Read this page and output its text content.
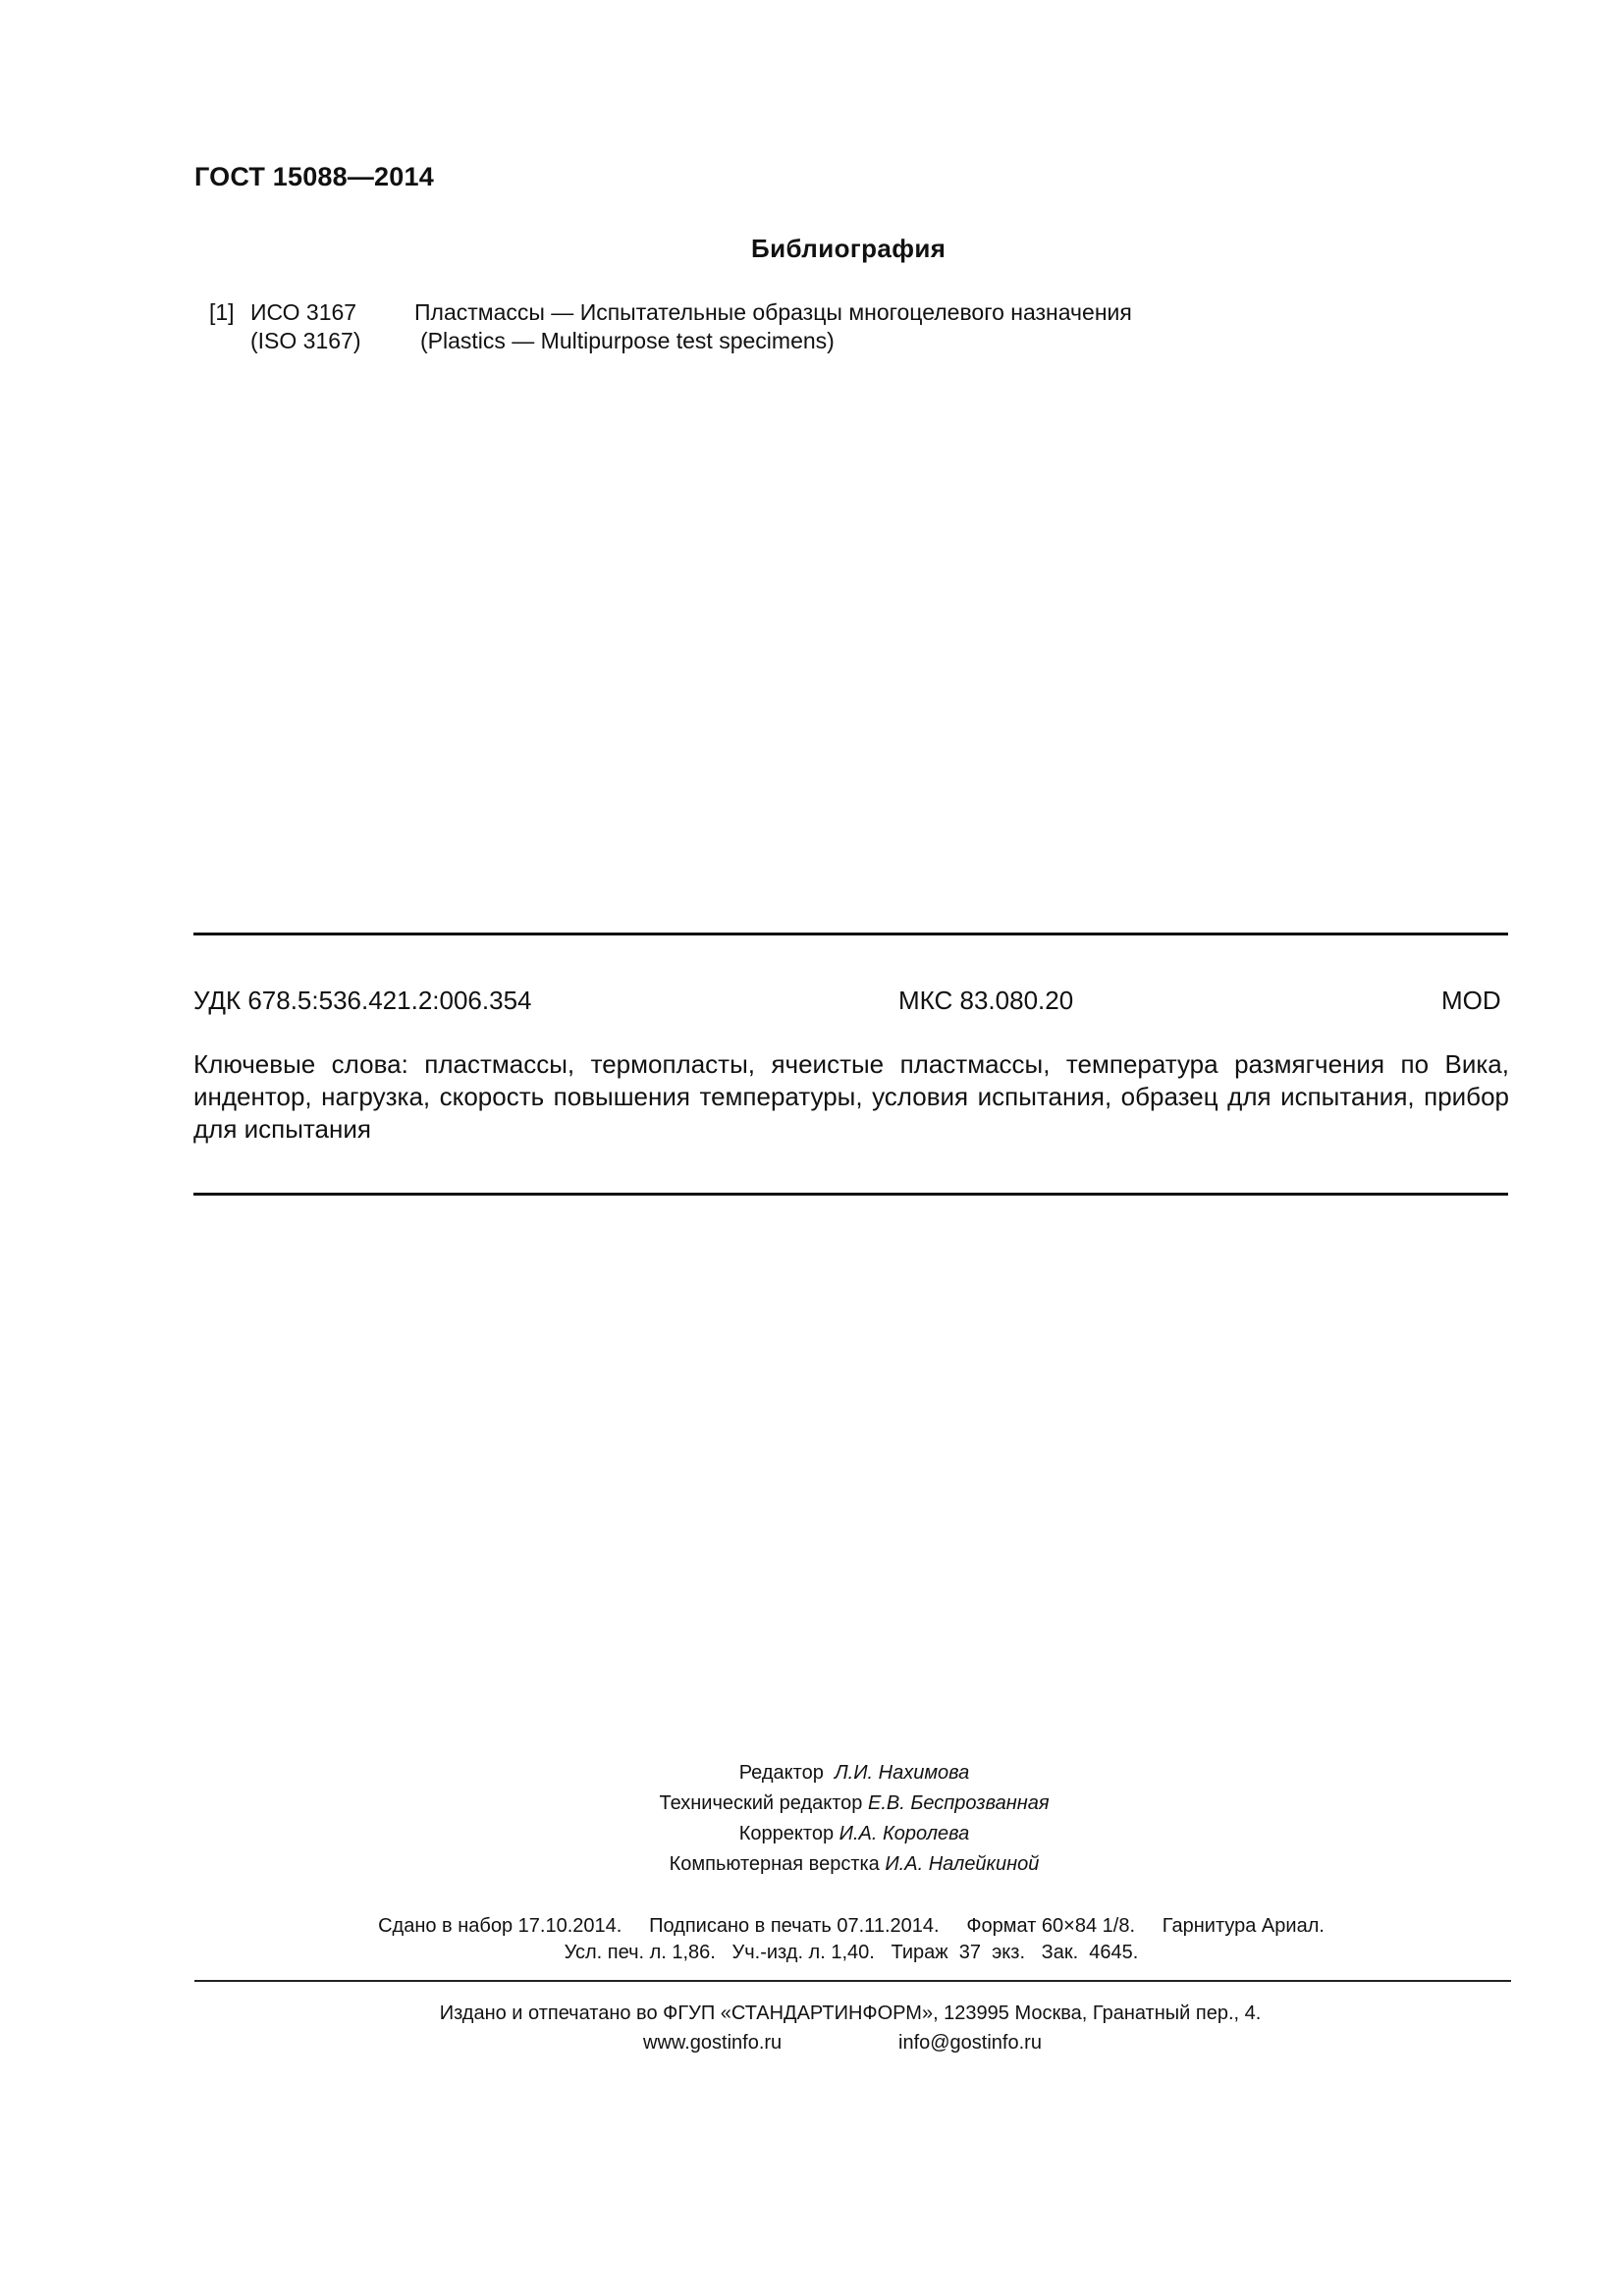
ГОСТ 15088—2014
Библиография
[1] ИСО 3167	Пластмассы — Испытательные образцы многоцелевого назначения
(ISO 3167)	(Plastics — Multipurpose test specimens)
УДК 678.5:536.421.2:006.354	МКС 83.080.20	MOD
Ключевые слова: пластмассы, термопласты, ячеистые пластмассы, температура размягчения по Вика, индентор, нагрузка, скорость повышения температуры, условия испытания, образец для испытания, прибор для испытания
Редактор Л.И. Нахимова
Технический редактор Е.В. Беспрозванная
Корректор И.А. Королева
Компьютерная верстка И.А. Налейкиной
Сдано в набор 17.10.2014.     Подписано в печать 07.11.2014.     Формат 60×84 1/8.     Гарнитура Ариал.
Усл. печ. л. 1,86.   Уч.-изд. л. 1,40.   Тираж  37  экз.   Зак.  4645.
Издано и отпечатано во ФГУП «СТАНДАРТИНФОРМ», 123995 Москва, Гранатный пер., 4.
www.gostinfo.ru	info@gostinfo.ru
